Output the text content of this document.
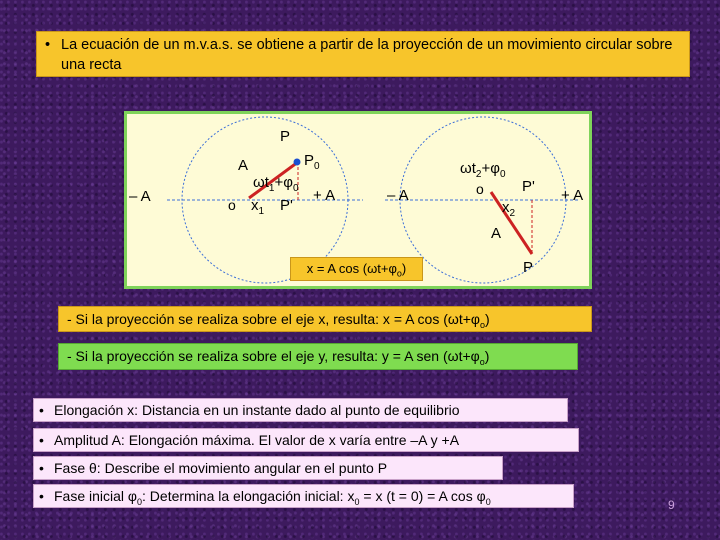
• La ecuación de un m.v.a.s. se obtiene a partir de la proyección de un movimiento circular sobre una recta
P
A	$P_0$
– A	+ A
o
$\omega t_1+\varphi_0$
$x_1$ P'
$\omega t_2+\varphi_0$
o	P'
– A	+ A
$x_2$
A
P
x = A $\cos (\omega t+\varphi_o)$
- Si la proyección se realiza sobre el eje x, resulta: x = A $\cos (\omega t+\varphi_o)$
- Si la proyección se realiza sobre el eje y, resulta: y = A sen $(\omega t+\varphi_o)$
• Elongación x: Distancia en un instante dado al punto de equilibrio
• Amplitud A: Elongación máxima. El valor de x varía entre –A y +A
• Fase θ: Describe el movimiento angular en el punto P
• Fase inicial $\varphi_0$: Determina la elongación inicial: $x_0 = x$ (t = 0) = A $\cos \varphi_0$	9
